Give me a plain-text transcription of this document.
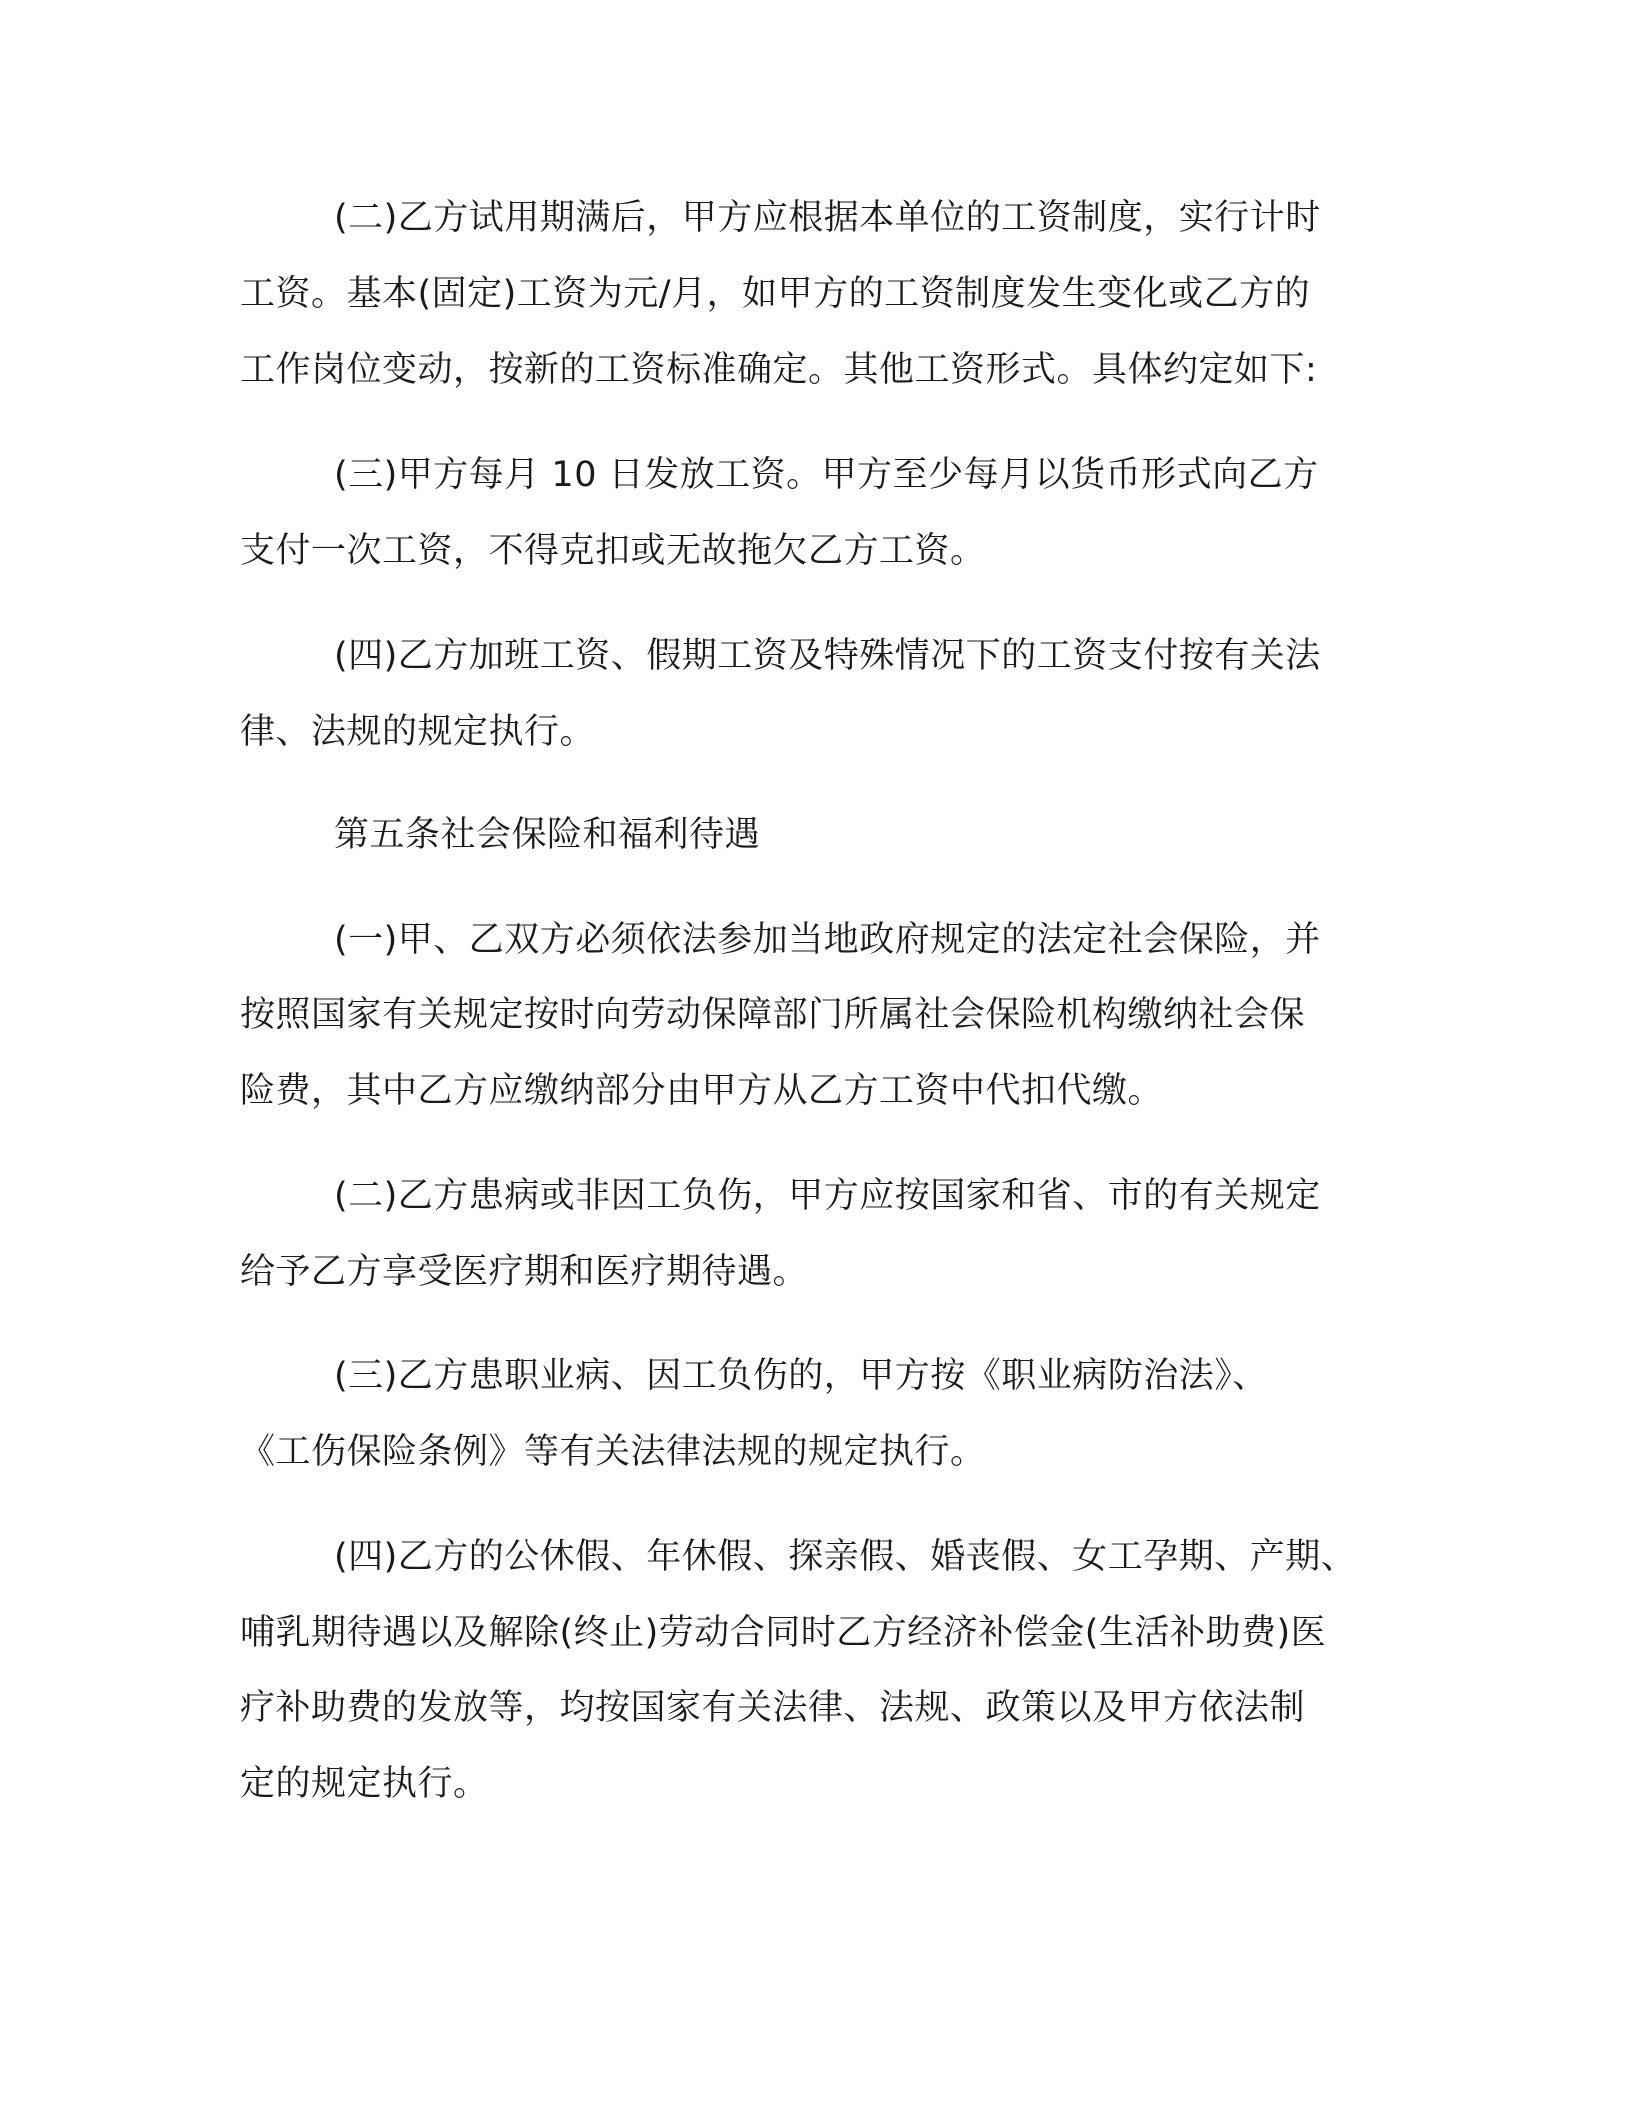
(二)乙方试用期满后，甲方应根据本单位的工资制度，实行计时
工资。基本(固定)工资为元/月，如甲方的工资制度发生变化或乙方的
工作岗位变动，按新的工资标准确定。其他工资形式。具体约定如下:
(三)甲方每月 10 日发放工资。甲方至少每月以货币形式向乙方
支付一次工资，不得克扣或无故拖欠乙方工资。
(四)乙方加班工资、假期工资及特殊情况下的工资支付按有关法
律、法规的规定执行。
第五条社会保险和福利待遇
(一)甲、乙双方必须依法参加当地政府规定的法定社会保险，并
按照国家有关规定按时向劳动保障部门所属社会保险机构缴纳社会保
险费，其中乙方应缴纳部分由甲方从乙方工资中代扣代缴。
(二)乙方患病或非因工负伤，甲方应按国家和省、市的有关规定
给予乙方享受医疗期和医疗期待遇。
(三)乙方患职业病、因工负伤的，甲方按《职业病防治法》、
《工伤保险条例》等有关法律法规的规定执行。
(四)乙方的公休假、年休假、探亲假、婚丧假、女工孕期、产期、
哺乳期待遇以及解除(终止)劳动合同时乙方经济补偿金(生活补助费)医
疗补助费的发放等，均按国家有关法律、法规、政策以及甲方依法制
定的规定执行。
